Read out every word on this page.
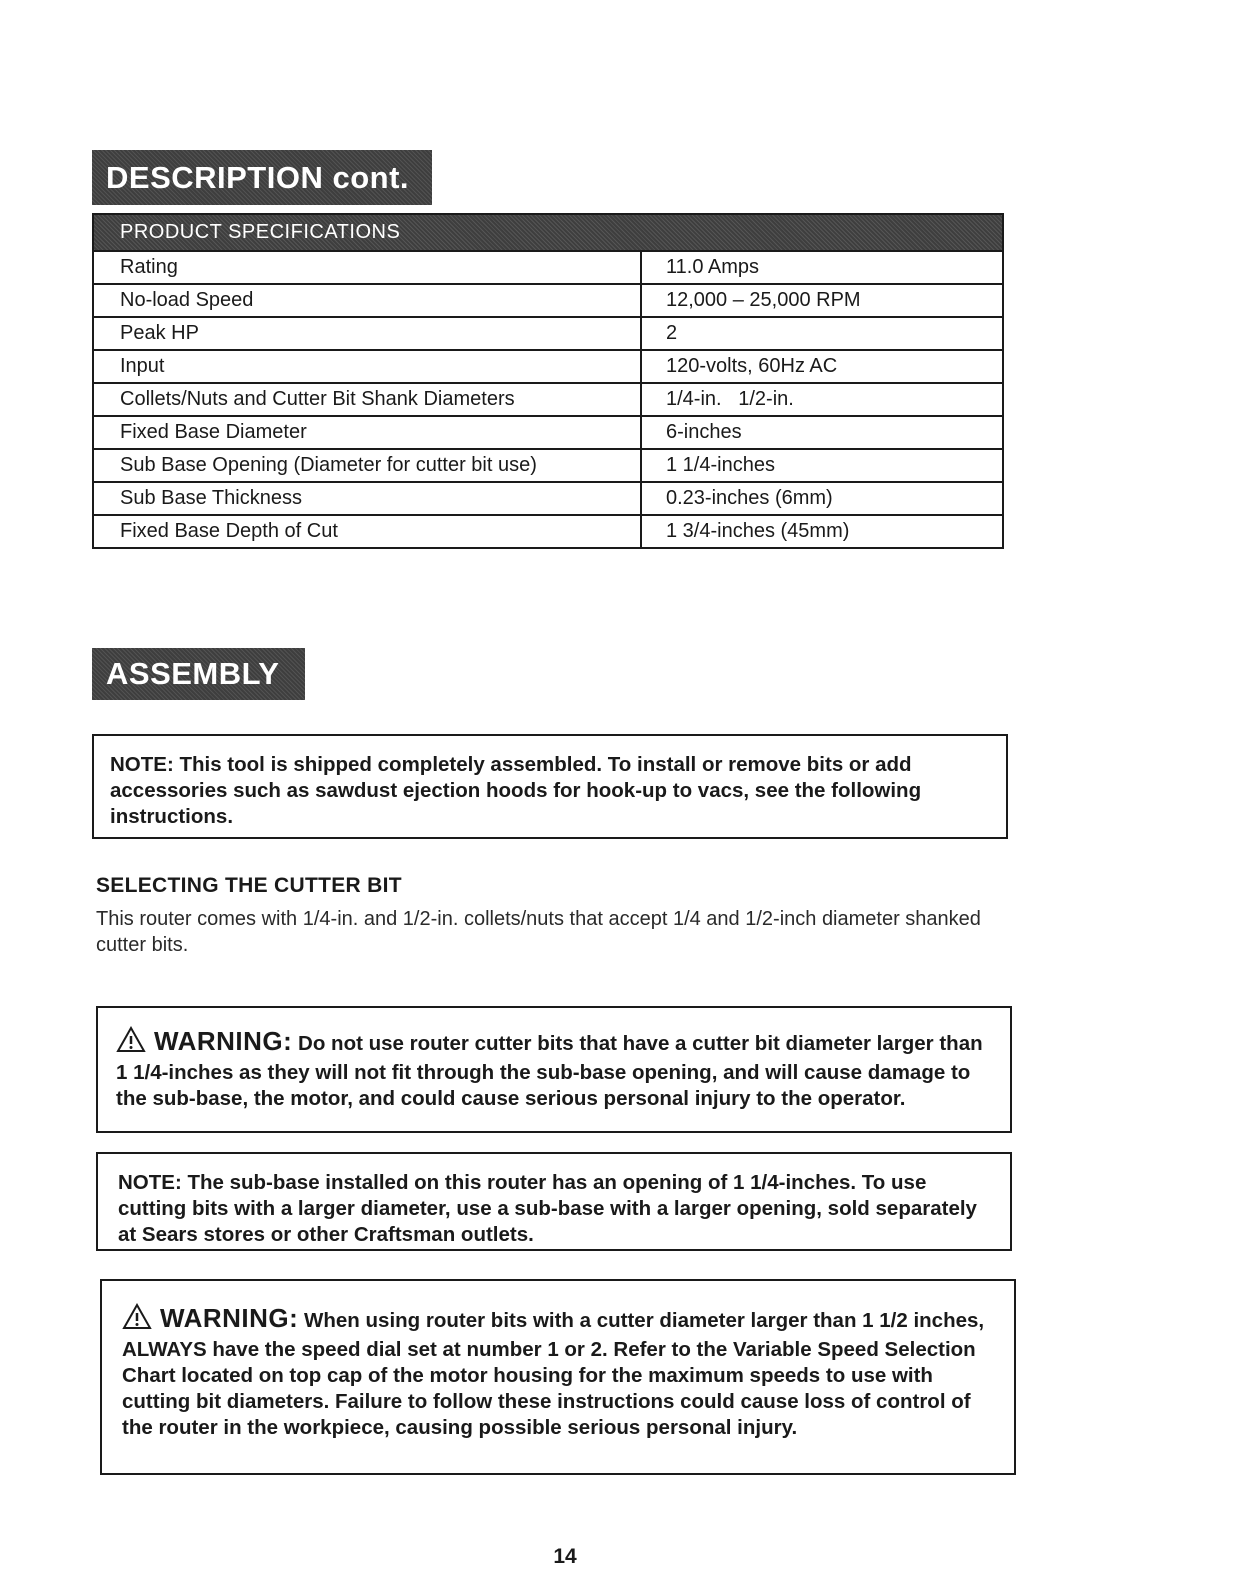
DESCRIPTION cont.
PRODUCT SPECIFICATIONS	
Rating	11.0 Amps
No-load Speed	12,000 – 25,000 RPM
Peak HP	2
Input	120-volts, 60Hz AC
Collets/Nuts and Cutter Bit Shank Diameters	1/4-in.   1/2-in.
Fixed Base Diameter	6-inches
Sub Base Opening (Diameter for cutter bit use)	1 1/4-inches
Sub Base Thickness	0.23-inches (6mm)
Fixed Base Depth of Cut	1 3/4-inches (45mm)
ASSEMBLY
NOTE: This tool is shipped completely assembled. To install or remove bits or add accessories such as sawdust ejection hoods for hook-up to vacs, see the following instructions.
SELECTING THE CUTTER BIT

This router comes with 1/4-in. and 1/2-in. collets/nuts that accept 1/4 and 1/2-inch diameter shanked cutter bits.

WARNING: Do not use router cutter bits that have a cutter bit diameter larger than 1 1/4-inches as they will not fit through the sub-base opening, and will cause damage to the sub-base, the motor, and could cause serious personal injury to the operator.
NOTE: The sub-base installed on this router has an opening of 1 1/4-inches. To use cutting bits with a larger diameter, use a sub-base with a larger opening, sold separately at Sears stores or other Craftsman outlets.
WARNING: When using router bits with a cutter diameter larger than 1 1/2 inches, ALWAYS have the speed dial set at number 1 or 2. Refer to the Variable Speed Selection Chart located on top cap of the motor housing for the maximum speeds to use with cutting bit diameters. Failure to follow these instructions could cause loss of control of the router in the workpiece, causing possible serious personal injury.
14
